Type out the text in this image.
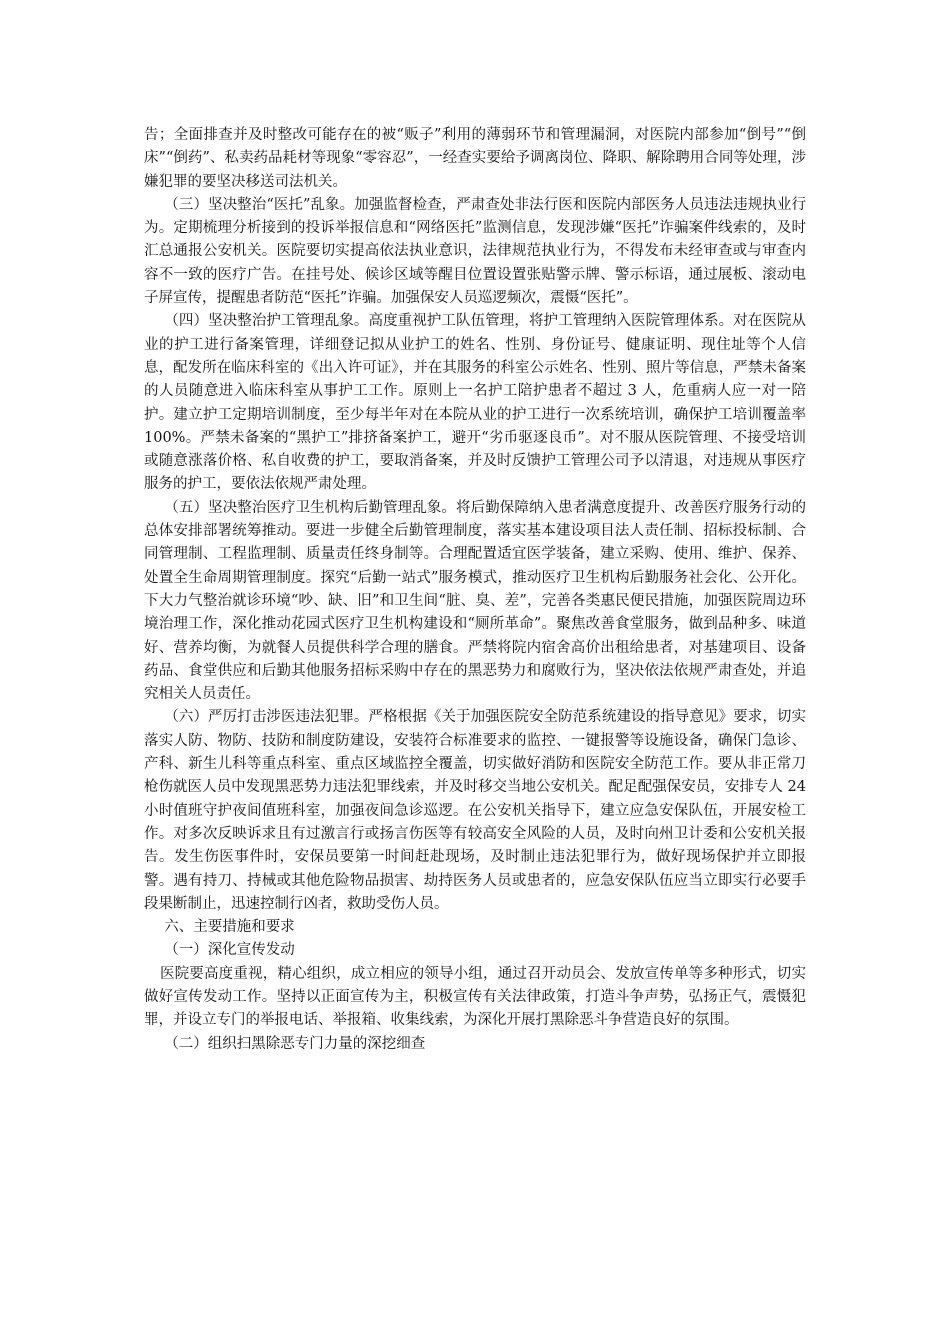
告；全面排查并及时整改可能存在的被“贩子”利用的薄弱环节和管理漏洞，对医院内部参加“倒号”“倒床”“倒药”、私卖药品耗材等现象“零容忍”，一经查实要给予调离岗位、降职、解除聘用合同等处理，涉嫌犯罪的要坚决移送司法机关。

（三）坚决整治“医托”乱象。加强监督检查，严肃查处非法行医和医院内部医务人员违法违规执业行为。定期梳理分析接到的投诉举报信息和“网络医托”监测信息，发现涉嫌“医托”诈骗案件线索的，及时汇总通报公安机关。医院要切实提高依法执业意识，法律规范执业行为，不得发布未经审查或与审查内容不一致的医疗广告。在挂号处、候诊区域等醒目位置设置张贴警示牌、警示标语，通过展板、滚动电子屏宣传，提醒患者防范“医托”诈骗。加强保安人员巡逻频次，震慑“医托”。

（四）坚决整治护工管理乱象。高度重视护工队伍管理，将护工管理纳入医院管理体系。对在医院从业的护工进行备案管理，详细登记拟从业护工的姓名、性别、身份证号、健康证明、现住址等个人信息，配发所在临床科室的《出入许可证》，并在其服务的科室公示姓名、性别、照片等信息，严禁未备案的人员随意进入临床科室从事护工工作。原则上一名护工陪护患者不超过 3 人，危重病人应一对一陪护。建立护工定期培训制度，至少每半年对在本院从业的护工进行一次系统培训，确保护工培训覆盖率 100%。严禁未备案的“黑护工”排挤备案护工，避开“劣币驱逐良币”。对不服从医院管理、不接受培训或随意涨落价格、私自收费的护工，要取消备案，并及时反馈护工管理公司予以清退，对违规从事医疗服务的护工，要依法依规严肃处理。

（五）坚决整治医疗卫生机构后勤管理乱象。将后勤保障纳入患者满意度提升、改善医疗服务行动的总体安排部署统筹推动。要进一步健全后勤管理制度，落实基本建设项目法人责任制、招标投标制、合同管理制、工程监理制、质量责任终身制等。合理配置适宜医学装备，建立采购、使用、维护、保养、处置全生命周期管理制度。探究“后勤一站式”服务模式，推动医疗卫生机构后勤服务社会化、公开化。下大力气整治就诊环境“吵、缺、旧”和卫生间“脏、臭、差”，完善各类惠民便民措施，加强医院周边环境治理工作，深化推动花园式医疗卫生机构建设和“厕所革命”。聚焦改善食堂服务，做到品种多、味道好、营养均衡，为就餐人员提供科学合理的膳食。严禁将院内宿舍高价出租给患者，对基建项目、设备药品、食堂供应和后勤其他服务招标采购中存在的黑恶势力和腐败行为，坚决依法依规严肃查处，并追究相关人员责任。

（六）严厉打击涉医违法犯罪。严格根据《关于加强医院安全防范系统建设的指导意见》要求，切实落实人防、物防、技防和制度防建设，安装符合标准要求的监控、一键报警等设施设备，确保门急诊、产科、新生儿科等重点科室、重点区域监控全覆盖，切实做好消防和医院安全防范工作。要从非正常刀枪伤就医人员中发现黑恶势力违法犯罪线索，并及时移交当地公安机关。配足配强保安员，安排专人 24 小时值班守护夜间值班科室，加强夜间急诊巡逻。在公安机关指导下，建立应急安保队伍，开展安检工作。对多次反映诉求且有过激言行或扬言伤医等有较高安全风险的人员，及时向州卫计委和公安机关报告。发生伤医事件时，安保员要第一时间赶赴现场，及时制止违法犯罪行为，做好现场保护并立即报警。遇有持刀、持械或其他危险物品损害、劫持医务人员或患者的，应急安保队伍应当立即实行必要手段果断制止，迅速控制行凶者，救助受伤人员。

六、主要措施和要求

（一）深化宣传发动

医院要高度重视，精心组织，成立相应的领导小组，通过召开动员会、发放宣传单等多种形式，切实做好宣传发动工作。坚持以正面宣传为主，积极宣传有关法律政策，打造斗争声势，弘扬正气，震慑犯罪，并设立专门的举报电话、举报箱、收集线索，为深化开展打黑除恶斗争营造良好的氛围。

（二）组织扫黑除恶专门力量的深挖细查
